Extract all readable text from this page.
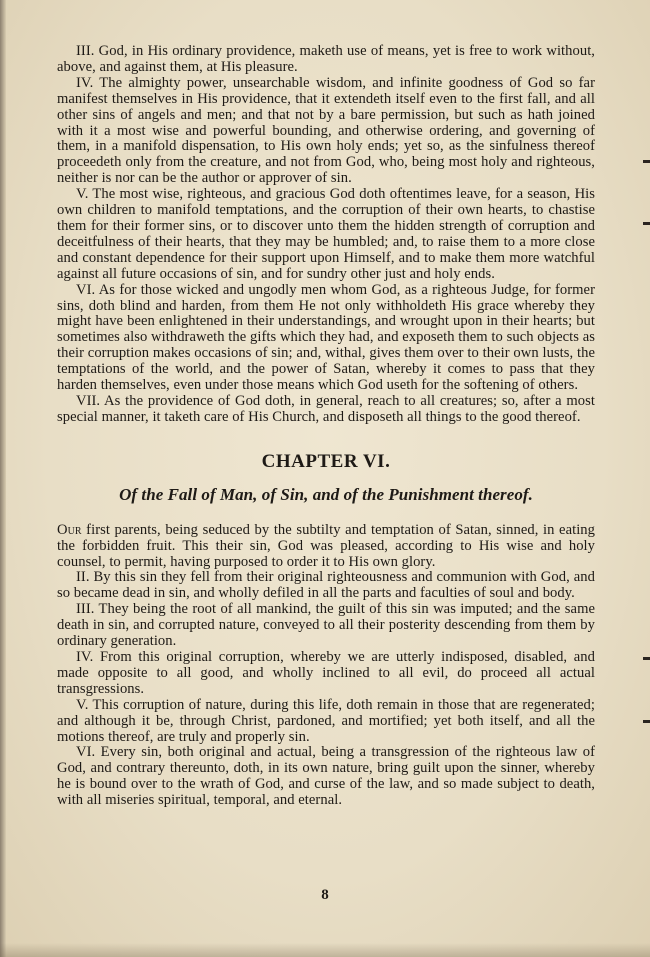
III. God, in His ordinary providence, maketh use of means, yet is free to work without, above, and against them, at His pleasure.

IV. The almighty power, unsearchable wisdom, and infinite goodness of God so far manifest themselves in His providence, that it extendeth itself even to the first fall, and all other sins of angels and men; and that not by a bare permission, but such as hath joined with it a most wise and powerful bounding, and otherwise ordering, and governing of them, in a manifold dispensation, to His own holy ends; yet so, as the sinfulness thereof proceedeth only from the creature, and not from God, who, being most holy and righteous, neither is nor can be the author or approver of sin.

V. The most wise, righteous, and gracious God doth oftentimes leave, for a season, His own children to manifold temptations, and the corruption of their own hearts, to chastise them for their former sins, or to discover unto them the hidden strength of corruption and deceitfulness of their hearts, that they may be humbled; and, to raise them to a more close and constant dependence for their support upon Himself, and to make them more watchful against all future occasions of sin, and for sundry other just and holy ends.

VI. As for those wicked and ungodly men whom God, as a righteous Judge, for former sins, doth blind and harden, from them He not only withholdeth His grace whereby they might have been enlightened in their understandings, and wrought upon in their hearts; but sometimes also withdraweth the gifts which they had, and exposeth them to such objects as their corruption makes occasions of sin; and, withal, gives them over to their own lusts, the temptations of the world, and the power of Satan, whereby it comes to pass that they harden themselves, even under those means which God useth for the softening of others.

VII. As the providence of God doth, in general, reach to all creatures; so, after a most special manner, it taketh care of His Church, and disposeth all things to the good thereof.

CHAPTER VI.
Of the Fall of Man, of Sin, and of the Punishment thereof.

Our first parents, being seduced by the subtilty and temptation of Satan, sinned, in eating the forbidden fruit. This their sin, God was pleased, according to His wise and holy counsel, to permit, having purposed to order it to His own glory.

II. By this sin they fell from their original righteousness and communion with God, and so became dead in sin, and wholly defiled in all the parts and faculties of soul and body.

III. They being the root of all mankind, the guilt of this sin was imputed; and the same death in sin, and corrupted nature, conveyed to all their posterity descending from them by ordinary generation.

IV. From this original corruption, whereby we are utterly indisposed, disabled, and made opposite to all good, and wholly inclined to all evil, do proceed all actual transgressions.

V. This corruption of nature, during this life, doth remain in those that are regenerated; and although it be, through Christ, pardoned, and mortified; yet both itself, and all the motions thereof, are truly and properly sin.

VI. Every sin, both original and actual, being a transgression of the righteous law of God, and contrary thereunto, doth, in its own nature, bring guilt upon the sinner, whereby he is bound over to the wrath of God, and curse of the law, and so made subject to death, with all miseries spiritual, temporal, and eternal.

8
